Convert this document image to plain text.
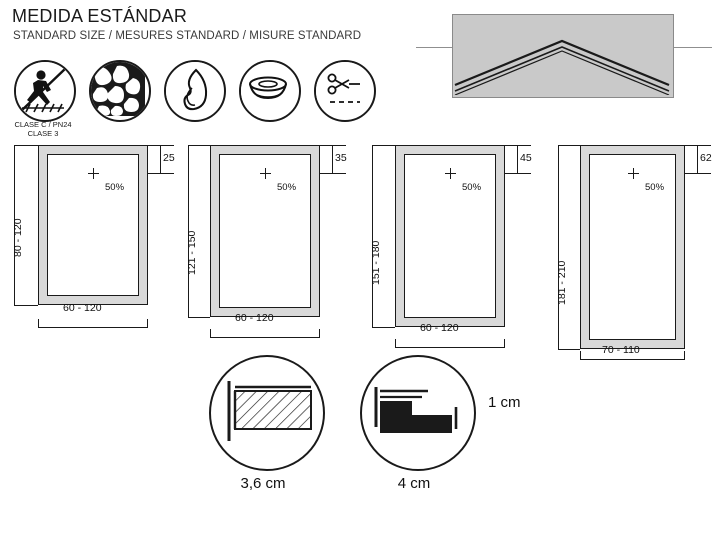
MEDIDA ESTÁNDAR
STANDARD SIZE / MESURES STANDARD / MISURE STANDARD
CLASE C / PN24
CLASE 3
50%
25
80 - 120
60 - 120
50%
35
121 - 150
60 - 120
50%
45
151 - 180
60 - 120
50%
62
181 - 210
70 - 110
3,6 cm	4 cm
1 cm
